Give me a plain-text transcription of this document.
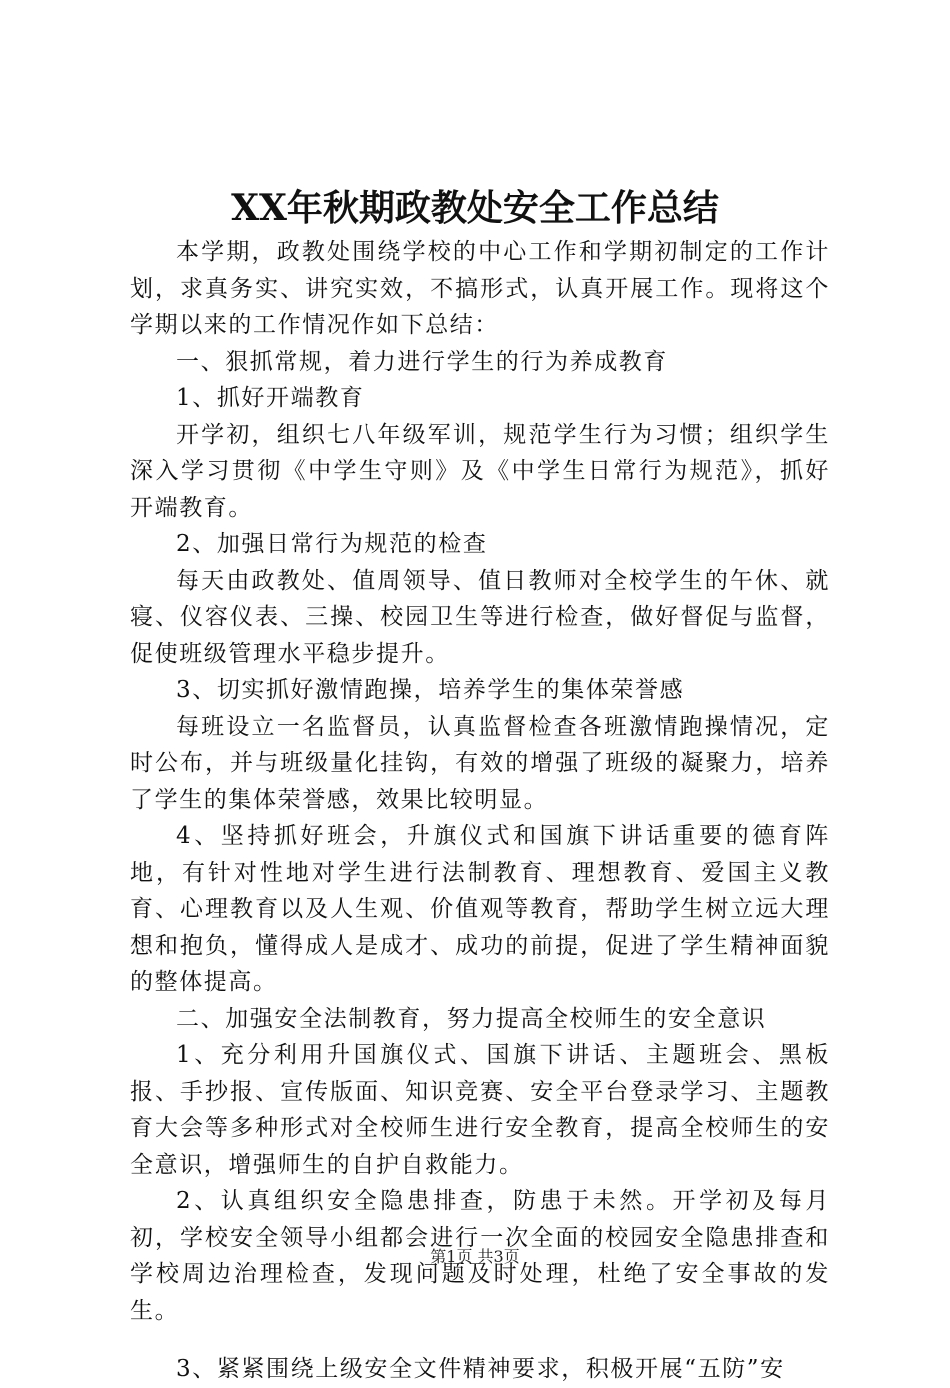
XX年秋期政教处安全工作总结

本学期，政教处围绕学校的中心工作和学期初制定的工作计划，求真务实、讲究实效，不搞形式，认真开展工作。现将这个学期以来的工作情况作如下总结：

一、狠抓常规，着力进行学生的行为养成教育

1、抓好开端教育

开学初，组织七八年级军训，规范学生行为习惯；组织学生深入学习贯彻《中学生守则》及《中学生日常行为规范》，抓好开端教育。

2、加强日常行为规范的检查

每天由政教处、值周领导、值日教师对全校学生的午休、就寝、仪容仪表、三操、校园卫生等进行检查，做好督促与监督，促使班级管理水平稳步提升。

3、切实抓好激情跑操，培养学生的集体荣誉感

每班设立一名监督员，认真监督检查各班激情跑操情况，定时公布，并与班级量化挂钩，有效的增强了班级的凝聚力，培养了学生的集体荣誉感，效果比较明显。

4、坚持抓好班会，升旗仪式和国旗下讲话重要的德育阵地，有针对性地对学生进行法制教育、理想教育、爱国主义教育、心理教育以及人生观、价值观等教育，帮助学生树立远大理想和抱负，懂得成人是成才、成功的前提，促进了学生精神面貌的整体提高。

二、加强安全法制教育，努力提高全校师生的安全意识

1、充分利用升国旗仪式、国旗下讲话、主题班会、黑板报、手抄报、宣传版面、知识竞赛、安全平台登录学习、主题教育大会等多种形式对全校师生进行安全教育，提高全校师生的安全意识，增强师生的自护自救能力。

2、认真组织安全隐患排查，防患于未然。开学初及每月初，学校安全领导小组都会进行一次全面的校园安全隐患排查和学校周边治理检查，发现问题及时处理，杜绝了安全事故的发生。

3、紧紧围绕上级安全文件精神要求，积极开展“五防”安

第1页 共3页
